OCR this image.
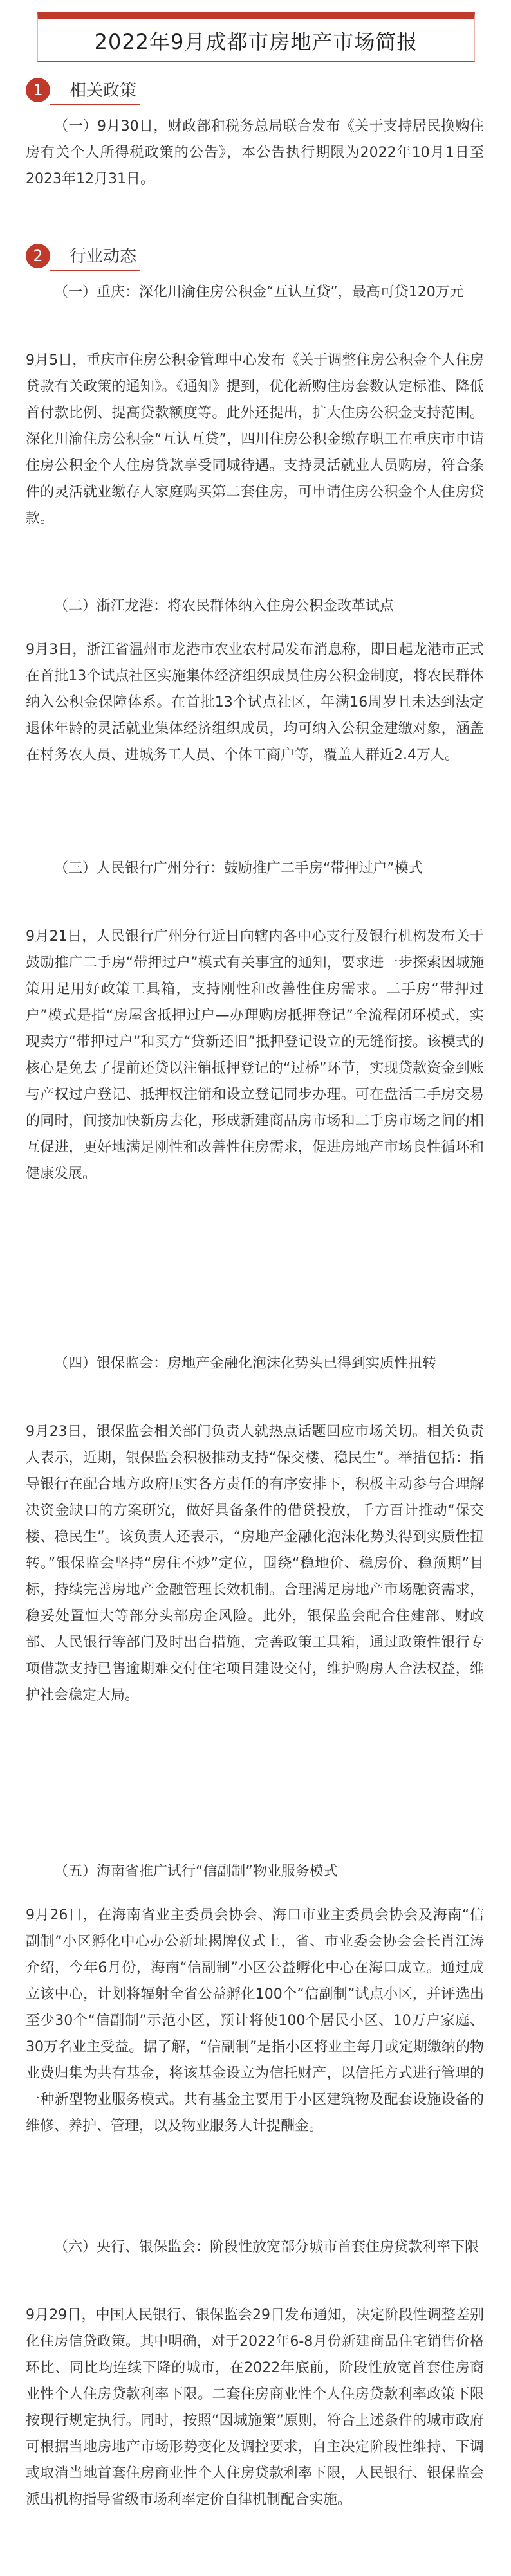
2022年9月成都市房地产市场简报
1	相关政策
（一）9月30日，财政部和税务总局联合发布《关于支持居民换购住房有关个人所得税政策的公告》，本公告执行期限为2022年10月1日至2023年12月31日。
2	行业动态
（一）重庆：深化川渝住房公积金“互认互贷”，最高可贷120万元
9月5日，重庆市住房公积金管理中心发布《关于调整住房公积金个人住房贷款有关政策的通知》。《通知》提到，优化新购住房套数认定标准、降低首付款比例、提高贷款额度等。此外还提出，扩大住房公积金支持范围。深化川渝住房公积金“互认互贷”，四川住房公积金缴存职工在重庆市申请住房公积金个人住房贷款享受同城待遇。支持灵活就业人员购房，符合条件的灵活就业缴存人家庭购买第二套住房，可申请住房公积金个人住房贷款。
（二）浙江龙港：将农民群体纳入住房公积金改革试点
9月3日，浙江省温州市龙港市农业农村局发布消息称，即日起龙港市正式在首批13个试点社区实施集体经济组织成员住房公积金制度，将农民群体纳入公积金保障体系。在首批13个试点社区，年满16周岁且未达到法定退休年龄的灵活就业集体经济组织成员，均可纳入公积金建缴对象，涵盖在村务农人员、进城务工人员、个体工商户等，覆盖人群近2.4万人。
（三）人民银行广州分行：鼓励推广二手房“带押过户”模式
9月21日，人民银行广州分行近日向辖内各中心支行及银行机构发布关于鼓励推广二手房“带押过户”模式有关事宜的通知，要求进一步探索因城施策用足用好政策工具箱，支持刚性和改善性住房需求。二手房“带押过户”模式是指“房屋含抵押过户—办理购房抵押登记”全流程闭环模式，实现卖方“带押过户”和买方“贷新还旧”抵押登记设立的无缝衔接。该模式的核心是免去了提前还贷以注销抵押登记的“过桥”环节，实现贷款资金到账与产权过户登记、抵押权注销和设立登记同步办理。可在盘活二手房交易的同时，间接加快新房去化，形成新建商品房市场和二手房市场之间的相互促进，更好地满足刚性和改善性住房需求，促进房地产市场良性循环和健康发展。
（四）银保监会：房地产金融化泡沫化势头已得到实质性扭转
9月23日，银保监会相关部门负责人就热点话题回应市场关切。相关负责人表示，近期，银保监会积极推动支持“保交楼、稳民生”。举措包括：指导银行在配合地方政府压实各方责任的有序安排下，积极主动参与合理解决资金缺口的方案研究，做好具备条件的借贷投放，千方百计推动“保交楼、稳民生”。该负责人还表示，“房地产金融化泡沫化势头得到实质性扭转。”银保监会坚持“房住不炒”定位，围绕“稳地价、稳房价、稳预期”目标，持续完善房地产金融管理长效机制。合理满足房地产市场融资需求，稳妥处置恒大等部分头部房企风险。此外，银保监会配合住建部、财政部、人民银行等部门及时出台措施，完善政策工具箱，通过政策性银行专项借款支持已售逾期难交付住宅项目建设交付，维护购房人合法权益，维护社会稳定大局。
（五）海南省推广试行“信副制”物业服务模式
9月26日，在海南省业主委员会协会、海口市业主委员会协会及海南“信副制”小区孵化中心办公新址揭牌仪式上，省、市业委会协会会长肖江涛介绍，今年6月份，海南“信副制”小区公益孵化中心在海口成立。通过成立该中心，计划将辐射全省公益孵化100个“信副制”试点小区，并评选出至少30个“信副制”示范小区，预计将使100个居民小区、10万户家庭、30万名业主受益。据了解，“信副制”是指小区将业主每月或定期缴纳的物业费归集为共有基金，将该基金设立为信托财产，以信托方式进行管理的一种新型物业服务模式。共有基金主要用于小区建筑物及配套设施设备的维修、养护、管理，以及物业服务人计提酬金。
（六）央行、银保监会：阶段性放宽部分城市首套住房贷款利率下限
9月29日，中国人民银行、银保监会29日发布通知，决定阶段性调整差别化住房信贷政策。其中明确，对于2022年6-8月份新建商品住宅销售价格环比、同比均连续下降的城市，在2022年底前，阶段性放宽首套住房商业性个人住房贷款利率下限。二套住房商业性个人住房贷款利率政策下限按现行规定执行。同时，按照“因城施策”原则，符合上述条件的城市政府可根据当地房地产市场形势变化及调控要求，自主决定阶段性维持、下调或取消当地首套住房商业性个人住房贷款利率下限，人民银行、银保监会派出机构指导省级市场利率定价自律机制配合实施。
